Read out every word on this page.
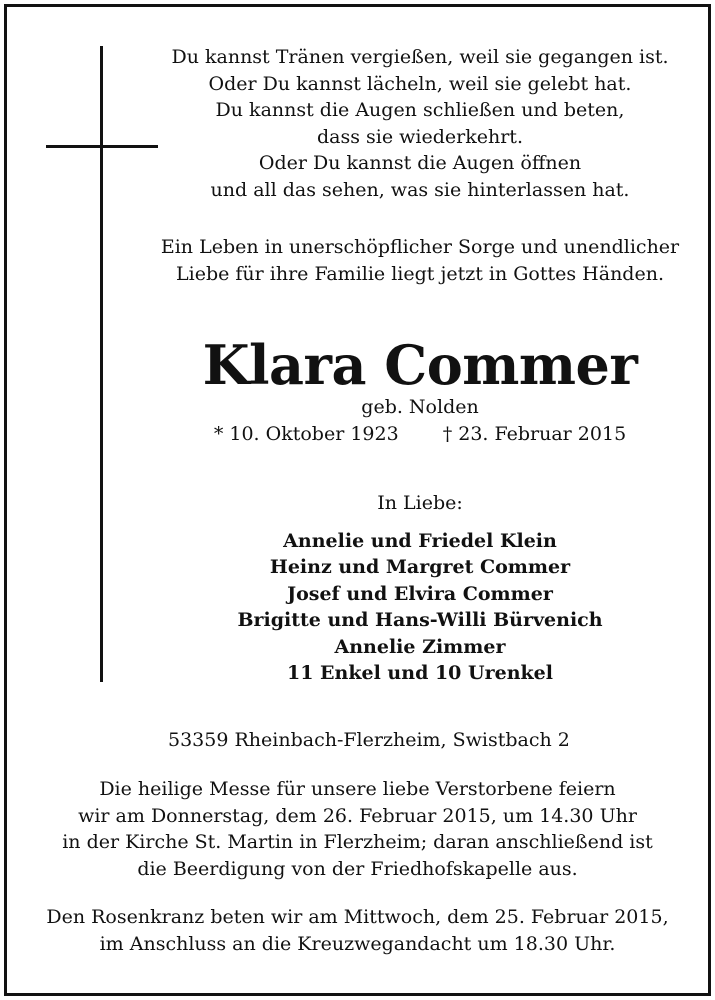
Du kannst Tränen vergießen, weil sie gegangen ist.
Oder Du kannst lächeln, weil sie gelebt hat.
Du kannst die Augen schließen und beten,
dass sie wiederkehrt.
Oder Du kannst die Augen öffnen
und all das sehen, was sie hinterlassen hat.
Ein Leben in unerschöpflicher Sorge und unendlicher
Liebe für ihre Familie liegt jetzt in Gottes Händen.
Klara Commer
geb. Nolden
* 10. Oktober 1923 † 23. Februar 2015
In Liebe:
Annelie und Friedel Klein
Heinz und Margret Commer
Josef und Elvira Commer
Brigitte und Hans-Willi Bürvenich
Annelie Zimmer
11 Enkel und 10 Urenkel
53359 Rheinbach-Flerzheim, Swistbach 2
Die heilige Messe für unsere liebe Verstorbene feiern
wir am Donnerstag, dem 26. Februar 2015, um 14.30 Uhr
in der Kirche St. Martin in Flerzheim; daran anschließend ist
die Beerdigung von der Friedhofskapelle aus.
Den Rosenkranz beten wir am Mittwoch, dem 25. Februar 2015,
im Anschluss an die Kreuzwegandacht um 18.30 Uhr.
